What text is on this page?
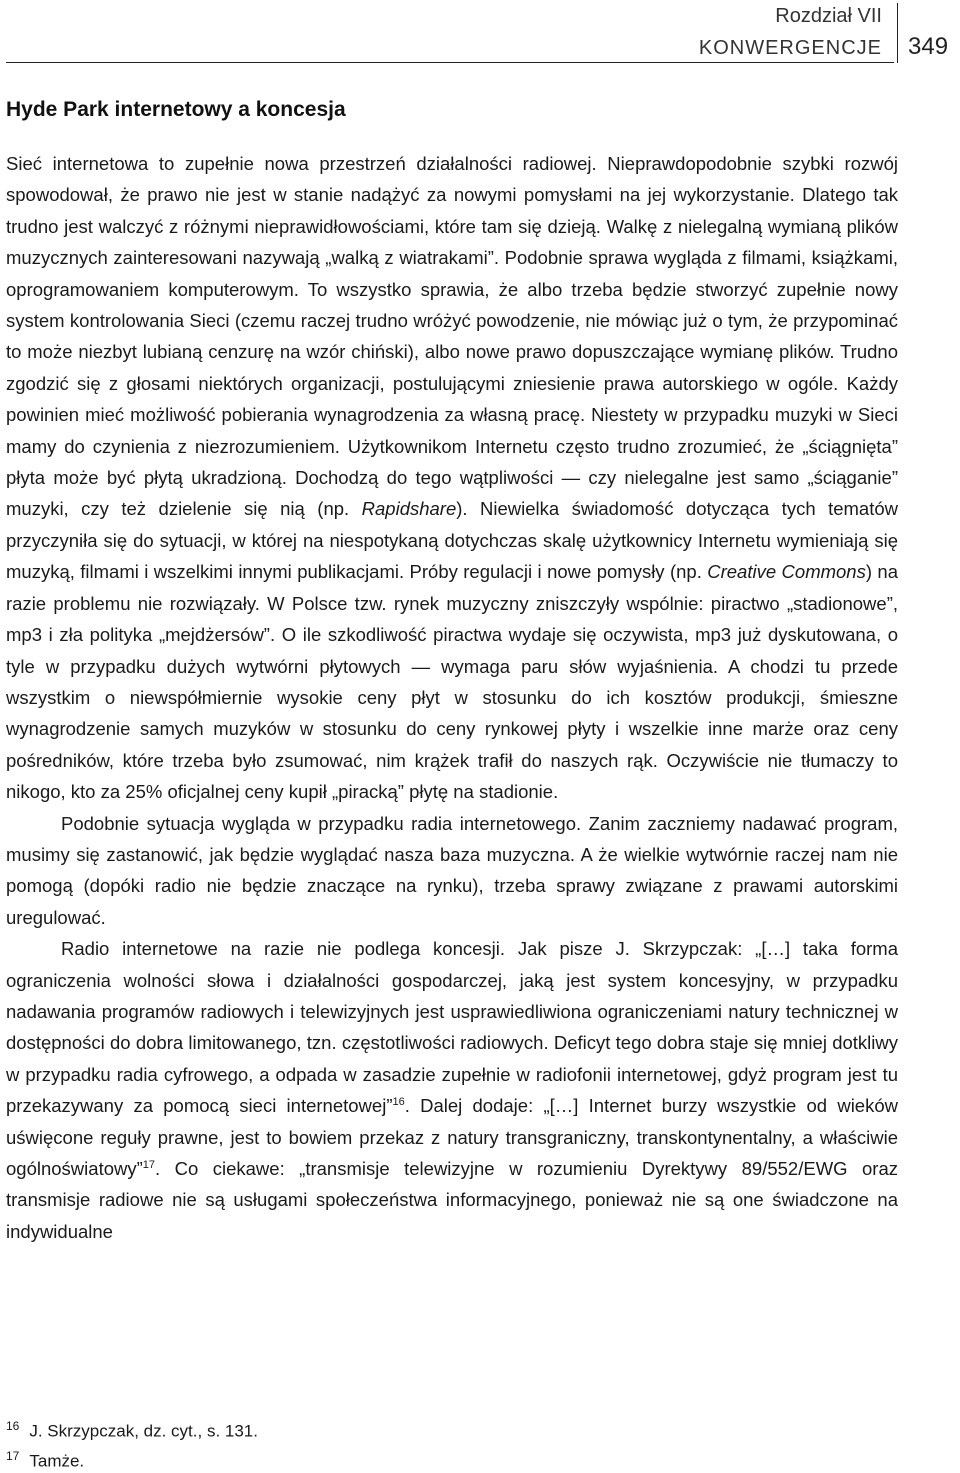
Rozdział VII
KONWERGENCJE 349
Hyde Park internetowy a koncesja

Sieć internetowa to zupełnie nowa przestrzeń działalności radiowej. Nieprawdopodobnie szybki rozwój spowodował, że prawo nie jest w stanie nadążyć za nowymi pomysłami na jej wykorzystanie. Dlatego tak trudno jest walczyć z różnymi nieprawidłowościami, które tam się dzieją. Walkę z nielegalną wymianą plików muzycznych zainteresowani nazywają „walką z wiatrakami”. Podobnie sprawa wygląda z filmami, książkami, oprogramowaniem komputerowym. To wszystko sprawia, że albo trzeba będzie stworzyć zupełnie nowy system kontrolowania Sieci (czemu raczej trudno wróżyć powodzenie, nie mówiąc już o tym, że przypominać to może niezbyt lubianą cenzurę na wzór chiński), albo nowe prawo dopuszczające wymianę plików. Trudno zgodzić się z głosami niektórych organizacji, postulującymi zniesienie prawa autorskiego w ogóle. Każdy powinien mieć możliwość pobierania wynagrodzenia za własną pracę. Niestety w przypadku muzyki w Sieci mamy do czynienia z niezrozumieniem. Użytkownikom Internetu często trudno zrozumieć, że „ściągnięta” płyta może być płytą ukradzioną. Dochodzą do tego wątpliwości — czy nielegalne jest samo „ściąganie” muzyki, czy też dzielenie się nią (np. Rapidshare). Niewielka świadomość dotycząca tych tematów przyczyniła się do sytuacji, w której na niespotykaną dotychczas skalę użytkownicy Internetu wymieniają się muzyką, filmami i wszelkimi innymi publikacjami. Próby regulacji i nowe pomysły (np. Creative Commons) na razie problemu nie rozwiązały. W Polsce tzw. rynek muzyczny zniszczyły wspólnie: piractwo „stadionowe”, mp3 i zła polityka „mejdżersów”. O ile szkodliwość piractwa wydaje się oczywista, mp3 już dyskutowana, o tyle w przypadku dużych wytwórni płytowych — wymaga paru słów wyjaśnienia. A chodzi tu przede wszystkim o niewspółmiernie wysokie ceny płyt w stosunku do ich kosztów produkcji, śmieszne wynagrodzenie samych muzyków w stosunku do ceny rynkowej płyty i wszelkie inne marże oraz ceny pośredników, które trzeba było zsumować, nim krążek trafił do naszych rąk. Oczywiście nie tłumaczy to nikogo, kto za 25% oficjalnej ceny kupił „piracką” płytę na stadionie.

Podobnie sytuacja wygląda w przypadku radia internetowego. Zanim zaczniemy nadawać program, musimy się zastanowić, jak będzie wyglądać nasza baza muzyczna. A że wielkie wytwórnie raczej nam nie pomogą (dopóki radio nie będzie znaczące na rynku), trzeba sprawy związane z prawami autorskimi uregulować.

Radio internetowe na razie nie podlega koncesji. Jak pisze J. Skrzypczak: „[…] taka forma ograniczenia wolności słowa i działalności gospodarczej, jaką jest system koncesyjny, w przypadku nadawania programów radiowych i telewizyjnych jest usprawiedliwiona ograniczeniami natury technicznej w dostępności do dobra limitowanego, tzn. częstotliwości radiowych. Deficyt tego dobra staje się mniej dotkliwy w przypadku radia cyfrowego, a odpada w zasadzie zupełnie w radiofonii internetowej, gdyż program jest tu przekazywany za pomocą sieci internetowej”$^{16}$. Dalej dodaje: „[…] Internet burzy wszystkie od wieków uświęcone reguły prawne, jest to bowiem przekaz z natury transgraniczny, transkontynentalny, a właściwie ogólnoświatowy”$^{17}$. Co ciekawe: „transmisje telewizyjne w rozumieniu Dyrektywy 89/552/EWG oraz transmisje radiowe nie są usługami społeczeństwa informacyjnego, ponieważ nie są one świadczone na indywidualne

$^{16}$ J. Skrzypczak, dz. cyt., s. 131.
$^{17}$ Tamże.
